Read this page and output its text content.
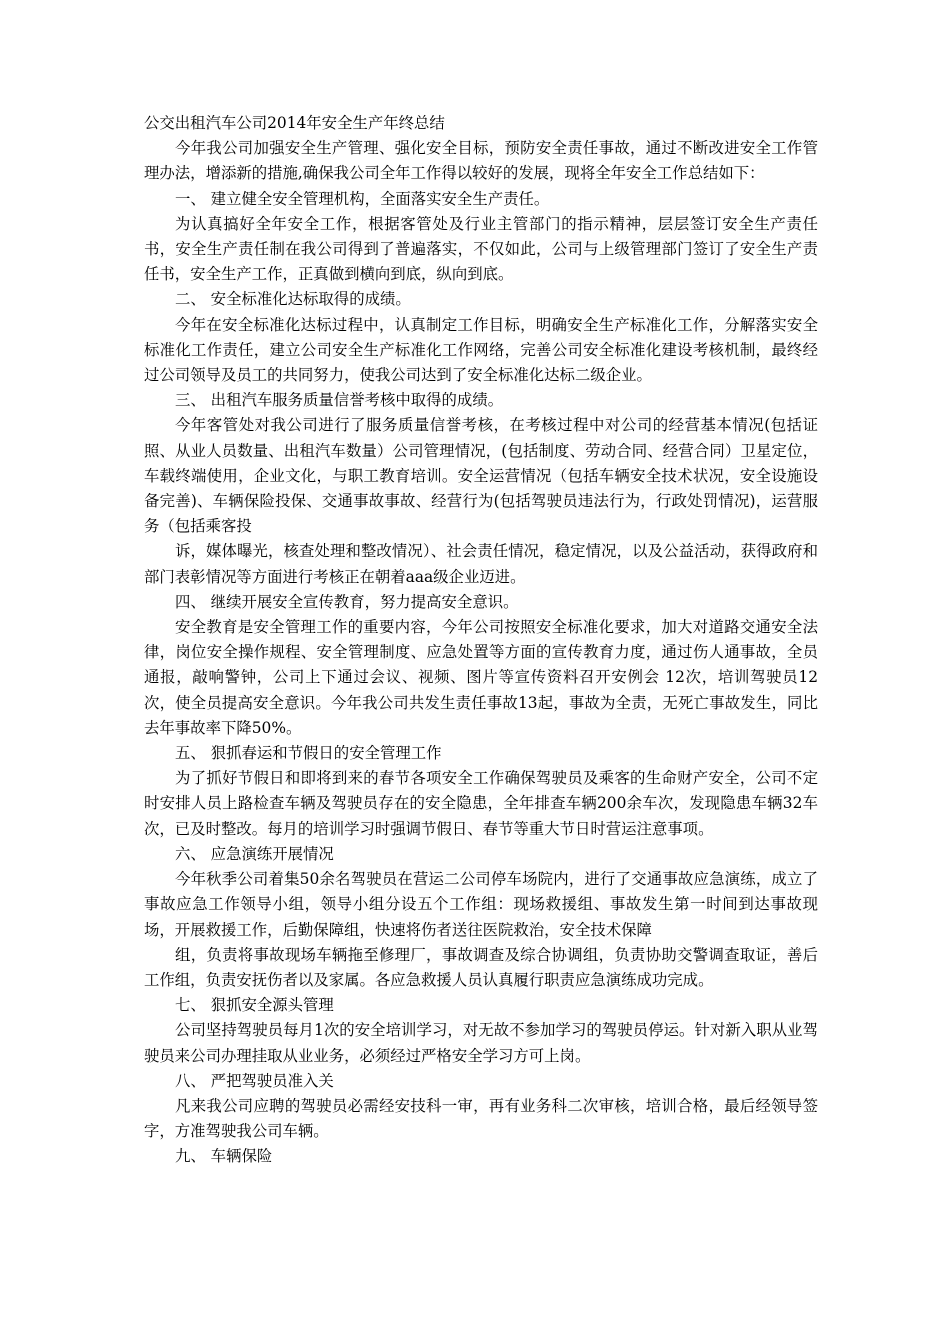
公交出租汽车公司2014年安全生产年终总结

今年我公司加强安全生产管理、强化安全目标，预防安全责任事故，通过不断改进安全工作管理办法，增添新的措施,确保我公司全年工作得以较好的发展，现将全年安全工作总结如下：

一、 建立健全安全管理机构，全面落实安全生产责任。

为认真搞好全年安全工作，根据客管处及行业主管部门的指示精神，层层签订安全生产责任书，安全生产责任制在我公司得到了普遍落实，不仅如此，公司与上级管理部门签订了安全生产责任书，安全生产工作，正真做到横向到底，纵向到底。

二、 安全标准化达标取得的成绩。

今年在安全标准化达标过程中，认真制定工作目标，明确安全生产标准化工作，分解落实安全标准化工作责任，建立公司安全生产标准化工作网络，完善公司安全标准化建设考核机制，最终经过公司领导及员工的共同努力，使我公司达到了安全标准化达标二级企业。

三、 出租汽车服务质量信誉考核中取得的成绩。

今年客管处对我公司进行了服务质量信誉考核，在考核过程中对公司的经营基本情况(包括证照、从业人员数量、出租汽车数量）公司管理情况，(包括制度、劳动合同、经营合同）卫星定位，车载终端使用，企业文化，与职工教育培训。安全运营情况（包括车辆安全技术状况，安全设施设备完善)、车辆保险投保、交通事故事故、经营行为(包括驾驶员违法行为，行政处罚情况)，运营服务（包括乘客投

诉，媒体曝光，核查处理和整改情况）、社会责任情况，稳定情况，以及公益活动，获得政府和部门表彰情况等方面进行考核正在朝着aaa级企业迈进。

四、 继续开展安全宣传教育，努力提高安全意识。

安全教育是安全管理工作的重要内容，今年公司按照安全标准化要求，加大对道路交通安全法律，岗位安全操作规程、安全管理制度、应急处置等方面的宣传教育力度，通过伤人通事故，全员通报，敲响警钟，公司上下通过会议、视频、图片等宣传资料召开安例会 12次，培训驾驶员12次，使全员提高安全意识。今年我公司共发生责任事故13起，事故为全责，无死亡事故发生，同比去年事故率下降50%。

五、 狠抓春运和节假日的安全管理工作

为了抓好节假日和即将到来的春节各项安全工作确保驾驶员及乘客的生命财产安全，公司不定时安排人员上路检查车辆及驾驶员存在的安全隐患，全年排查车辆200余车次，发现隐患车辆32车次，已及时整改。每月的培训学习时强调节假日、春节等重大节日时营运注意事项。

六、 应急演练开展情况

今年秋季公司着集50余名驾驶员在营运二公司停车场院内，进行了交通事故应急演练，成立了事故应急工作领导小组，领导小组分设五个工作组：现场救援组、事故发生第一时间到达事故现场，开展救援工作，后勤保障组，快速将伤者送往医院救治，安全技术保障

组，负责将事故现场车辆拖至修理厂，事故调查及综合协调组，负责协助交警调查取证，善后工作组，负责安抚伤者以及家属。各应急救援人员认真履行职责应急演练成功完成。

七、 狠抓安全源头管理

公司坚持驾驶员每月1次的安全培训学习，对无故不参加学习的驾驶员停运。针对新入职从业驾驶员来公司办理挂取从业业务，必须经过严格安全学习方可上岗。

八、 严把驾驶员准入关

凡来我公司应聘的驾驶员必需经安技科一审，再有业务科二次审核，培训合格，最后经领导签字，方准驾驶我公司车辆。

九、 车辆保险
